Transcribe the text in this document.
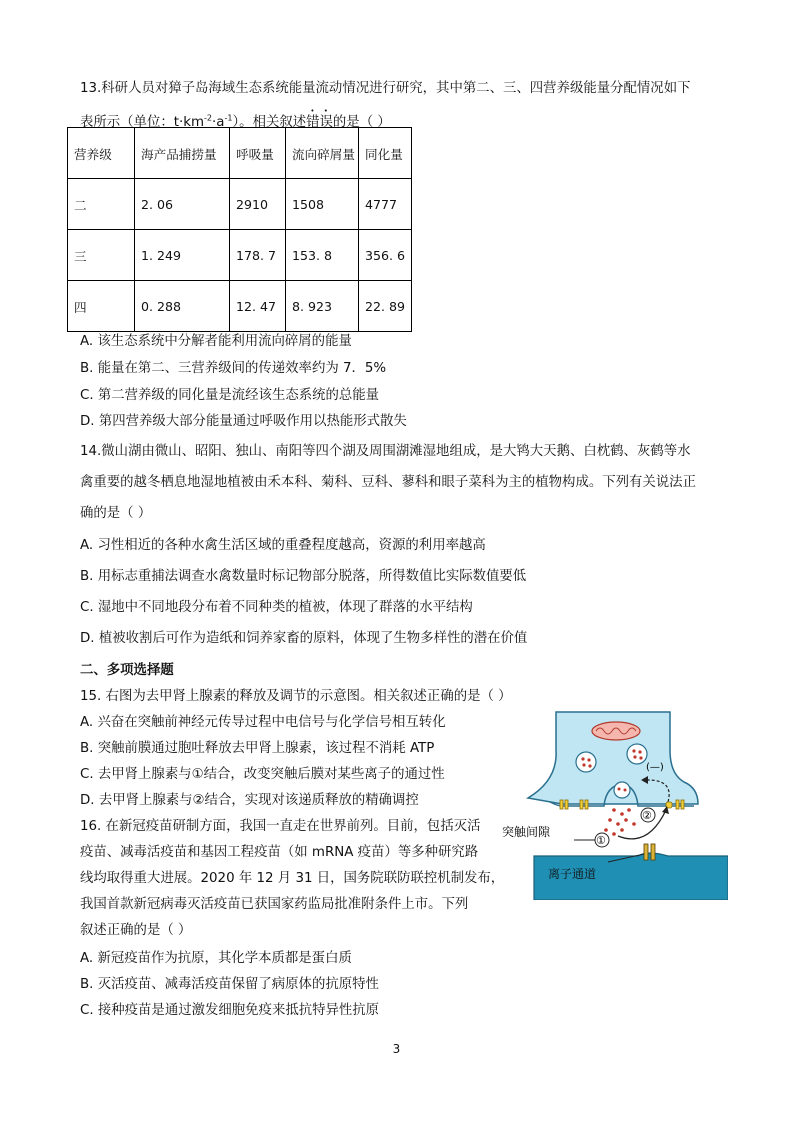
13.科研人员对獐子岛海域生态系统能量流动情况进行研究，其中第二、三、四营养级能量分配情况如下
表所示（单位：$t\cdot km^{-2}\cdot a^{-1}$）。相关叙述错误的是（ ）
营养级	海产品捕捞量	呼吸量	流向碎屑量	同化量
二	2. 06	2910	1508	4777
三	1. 249	178. 7	153. 8	356. 6
四	0. 288	12. 47	8. 923	22. 89
A. 该生态系统中分解者能利用流向碎屑的能量
B. 能量在第二、三营养级间的传递效率约为 7．5%
C. 第二营养级的同化量是流经该生态系统的总能量
D. 第四营养级大部分能量通过呼吸作用以热能形式散失
14.微山湖由微山、昭阳、独山、南阳等四个湖及周围湖滩湿地组成，是大鸨大天鹅、白枕鹤、灰鹤等水
禽重要的越冬栖息地湿地植被由禾本科、菊科、豆科、蓼科和眼子菜科为主的植物构成。下列有关说法正
确的是（ ）
A. 习性相近的各种水禽生活区域的重叠程度越高，资源的利用率越高
B. 用标志重捕法调查水禽数量时标记物部分脱落，所得数值比实际数值要低
C. 湿地中不同地段分布着不同种类的植被，体现了群落的水平结构
D. 植被收割后可作为造纸和饲养家畜的原料，体现了生物多样性的潜在价值
二、多项选择题
15. 右图为去甲肾上腺素的释放及调节的示意图。相关叙述正确的是（ ）
A. 兴奋在突触前神经元传导过程中电信号与化学信号相互转化
B. 突触前膜通过胞吐释放去甲肾上腺素，该过程不消耗 ATP
C. 去甲肾上腺素与①结合，改变突触后膜对某些离子的通过性
D. 去甲肾上腺素与②结合，实现对该递质释放的精确调控
16. 在新冠疫苗研制方面，我国一直走在世界前列。目前，包括灭活
疫苗、减毒活疫苗和基因工程疫苗（如 mRNA 疫苗）等多种研究路
线均取得重大进展。2020 年 12 月 31 日，国务院联防联控机制发布，
我国首款新冠病毒灭活疫苗已获国家药监局批准附条件上市。下列
叙述正确的是（ ）
A. 新冠疫苗作为抗原，其化学本质都是蛋白质
B. 灭活疫苗、减毒活疫苗保留了病原体的抗原特性
C. 接种疫苗是通过激发细胞免疫来抵抗特异性抗原
(—)
②
突触间隙
①
离子通道
3
